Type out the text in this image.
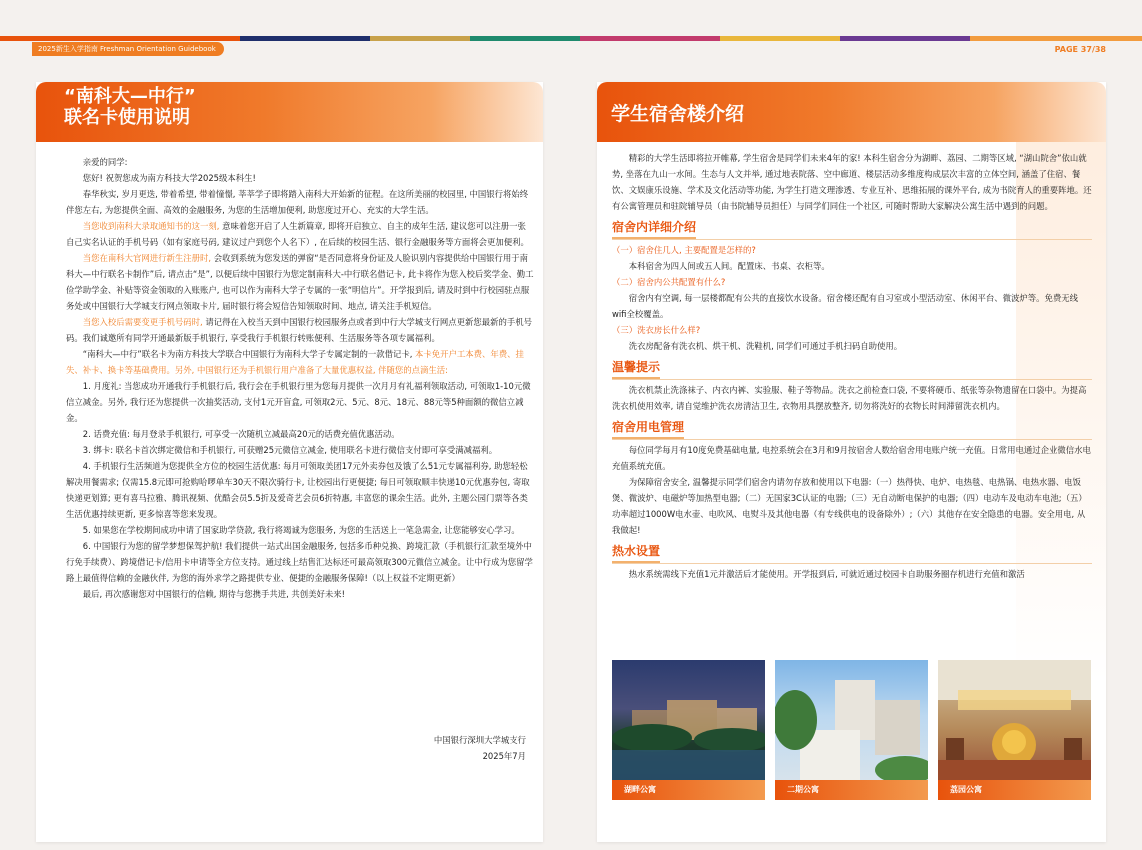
2025新生入学指南 Freshman Orientation Guidebook	PAGE 37/38
“南科大—中行”
联名卡使用说明

亲爱的同学:

您好! 祝贺您成为南方科技大学2025级本科生!

春华秋实, 岁月更迭, 带着希望, 带着憧憬, 莘莘学子即将踏入南科大开始新的征程。在这所美丽的校园里, 中国银行将始终伴您左右, 为您提供全面、高效的金融服务, 为您的生活增加便利, 助您度过开心、充实的大学生活。

当您收到南科大录取通知书的这一刻, 意味着您开启了人生新篇章, 即将开启独立、自主的成年生活, 建议您可以注册一张自己实名认证的手机号码（如有家庭号码, 建议过户到您个人名下）, 在后续的校园生活、银行金融服务等方面将会更加便利。

当您在南科大官网进行新生注册时, 会收到系统为您发送的弹窗“是否同意将身份证及人脸识别内容提供给中国银行用于南科大—中行联名卡制作”后, 请点击“是”, 以便后续中国银行为您定制南科大-中行联名借记卡, 此卡将作为您入校后奖学金、勤工俭学助学金、补贴等资金领取的入账账户, 也可以作为南科大学子专属的一张“明信片”。开学报到后, 请及时到中行校园驻点服务处或中国银行大学城支行网点领取卡片, 届时银行将会短信告知领取时间、地点, 请关注手机短信。

当您入校后需要变更手机号码时, 请记得在入校当天到中国银行校园服务点或者到中行大学城支行网点更新您最新的手机号码。我们诚邀所有同学开通最新版手机银行, 享受我行手机银行转账便利、生活服务等各项专属福利。

“南科大—中行”联名卡为南方科技大学联合中国银行为南科大学子专属定制的一款借记卡, 本卡免开户工本费、年费、挂失、补卡、换卡等基础费用。另外, 中国银行还为手机银行用户准备了大量优惠权益, 伴随您的点滴生活:

1. 月度礼: 当您成功开通我行手机银行后, 我行会在手机银行里为您每月提供一次月月有礼福利领取活动, 可领取1-10元微信立减金。另外, 我行还为您提供一次抽奖活动, 支付1元开盲盒, 可领取2元、5元、8元、18元、88元等5种面额的微信立减金。

2. 话费充值: 每月登录手机银行, 可享受一次随机立减最高20元的话费充值优惠活动。

3. 绑卡: 联名卡首次绑定微信和手机银行, 可获赠25元微信立减金, 使用联名卡进行微信支付即可享受满减福利。

4. 手机银行生活频道为您提供全方位的校园生活优惠: 每月可领取美团17元外卖券包及饿了么51元专属福利券, 助您轻松解决用餐需求; 仅需15.8元即可抢购哈啰单车30天不限次骑行卡, 让校园出行更便捷; 每日可领取顺丰快递10元优惠券包, 寄取快递更划算; 更有喜马拉雅、腾讯视频、优酷会员5.5折及爱奇艺会员6折特惠, 丰富您的课余生活。此外, 主题公园门票等各类生活优惠持续更新, 更多惊喜等您来发现。

5. 如果您在学校期间成功申请了国家助学贷款, 我行将竭诚为您服务, 为您的生活送上一笔急需金, 让您能够安心学习。

6. 中国银行为您的留学梦想保驾护航! 我们提供一站式出国金融服务, 包括多币种兑换、跨境汇款（手机银行汇款至境外中行免手续费）、跨境借记卡/信用卡申请等全方位支持。通过线上结售汇达标还可最高领取300元微信立减金。让中行成为您留学路上最值得信赖的金融伙伴, 为您的海外求学之路提供专业、便捷的金融服务保障!（以上权益不定期更新）

最后, 再次感谢您对中国银行的信赖, 期待与您携手共进, 共创美好未来!

中国银行深圳大学城支行
2025年7月
学生宿舍楼介绍

精彩的大学生活即将拉开帷幕, 学生宿舍是同学们未来4年的家! 本科生宿舍分为湖畔、荔园、二期等区域, “湖山院舍”依山就势, 坐落在九山一水间。生态与人文并举, 通过地表院落、空中廊道、楼层活动多维度构成层次丰富的立体空间, 涵盖了住宿、餐饮、文娱康乐设施、学术及文化活动等功能, 为学生打造文理渗透、专业互补、思维拓展的课外平台, 成为书院育人的重要阵地。还有公寓管理员和驻院辅导员（由书院辅导员担任）与同学们同住一个社区, 可随时帮助大家解决公寓生活中遇到的问题。

宿舍内详细介绍

（一）宿舍住几人, 主要配置是怎样的?

本科宿舍为四人间或五人间。配置床、书桌、衣柜等。

（二）宿舍内公共配置有什么?

宿舍内有空调, 每一层楼都配有公共的直接饮水设备。宿舍楼还配有自习室或小型活动室、休闲平台、微波炉等。免费无线wifi全校覆盖。

（三）洗衣房长什么样?

洗衣房配备有洗衣机、烘干机、洗鞋机, 同学们可通过手机扫码自助使用。

温馨提示

洗衣机禁止洗涤袜子、内衣内裤、实验服、鞋子等物品。洗衣之前检查口袋, 不要将硬币、纸张等杂物遗留在口袋中。为提高洗衣机使用效率, 请自觉维护洗衣房清洁卫生, 衣物用具摆放整齐, 切勿将洗好的衣物长时间滞留洗衣机内。

宿舍用电管理

每位同学每月有10度免费基础电量, 电控系统会在3月和9月按宿舍人数给宿舍用电账户统一充值。日常用电通过企业微信水电充值系统充值。

为保障宿舍安全, 温馨提示同学们宿舍内请勿存放和使用以下电器:（一）热得快、电炉、电热毯、电热锅、电热水器、电饭煲、微波炉、电磁炉等加热型电器;（二）无国家3C认证的电器;（三）无自动断电保护的电器;（四）电动车及电动车电池;（五）功率超过1000W电水壶、电吹风、电熨斗及其他电器（有专线供电的设备除外）;（六）其他存在安全隐患的电器。安全用电, 从我做起!

热水设置

热水系统需线下充值1元并激活后才能使用。开学报到后, 可就近通过校园卡自助服务圈存机进行充值和激活

湖畔公寓	二期公寓	荔园公寓
